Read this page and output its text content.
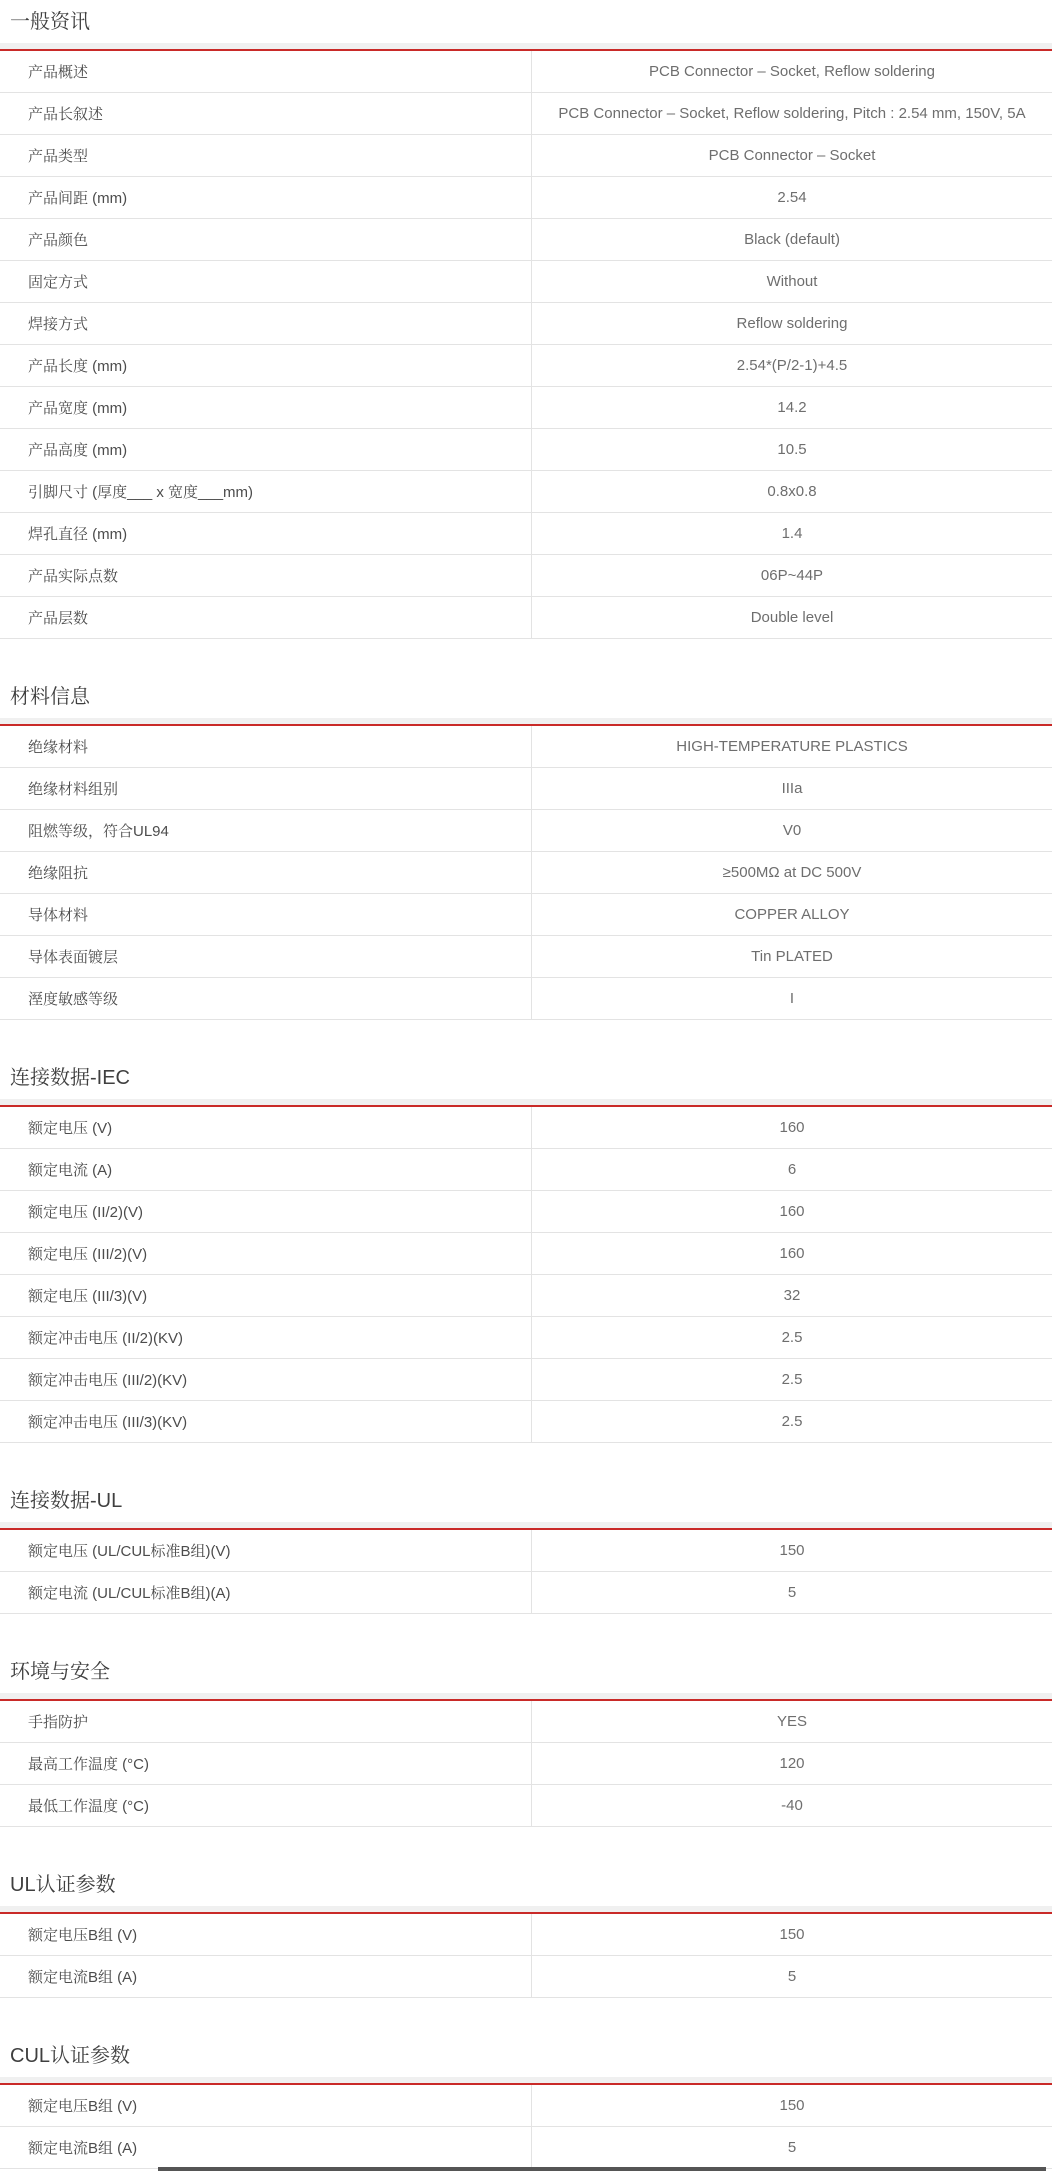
一般资讯
产品概述	PCB Connector – Socket, Reflow soldering
产品长叙述	PCB Connector – Socket, Reflow soldering, Pitch : 2.54 mm, 150V, 5A
产品类型	PCB Connector – Socket
产品间距 (mm)	2.54
产品颜色	Black (default)
固定方式	Without
焊接方式	Reflow soldering
产品长度 (mm)	2.54*(P/2-1)+4.5
产品宽度 (mm)	14.2
产品高度 (mm)	10.5
引脚尺寸 (厚度___ x 宽度___mm)	0.8x0.8
焊孔直径 (mm)	1.4
产品实际点数	06P~44P
产品层数	Double level
材料信息
绝缘材料	HIGH-TEMPERATURE PLASTICS
绝缘材料组别	IIIa
阻燃等级，符合UL94	V0
绝缘阻抗	≥500MΩ at DC 500V
导体材料	COPPER ALLOY
导体表面镀层	Tin PLATED
溼度敏感等级	I
连接数据-IEC
额定电压 (V)	160
额定电流 (A)	6
额定电压 (II/2)(V)	160
额定电压 (III/2)(V)	160
额定电压 (III/3)(V)	32
额定冲击电压 (II/2)(KV)	2.5
额定冲击电压 (III/2)(KV)	2.5
额定冲击电压 (III/3)(KV)	2.5
连接数据-UL
额定电压 (UL/CUL标准B组)(V)	150
额定电流 (UL/CUL标准B组)(A)	5
环境与安全
手指防护	YES
最高工作温度 (°C)	120
最低工作温度 (°C)	-40
UL认证参数
额定电压B组 (V)	150
额定电流B组 (A)	5
CUL认证参数
额定电压B组 (V)	150
额定电流B组 (A)	5
